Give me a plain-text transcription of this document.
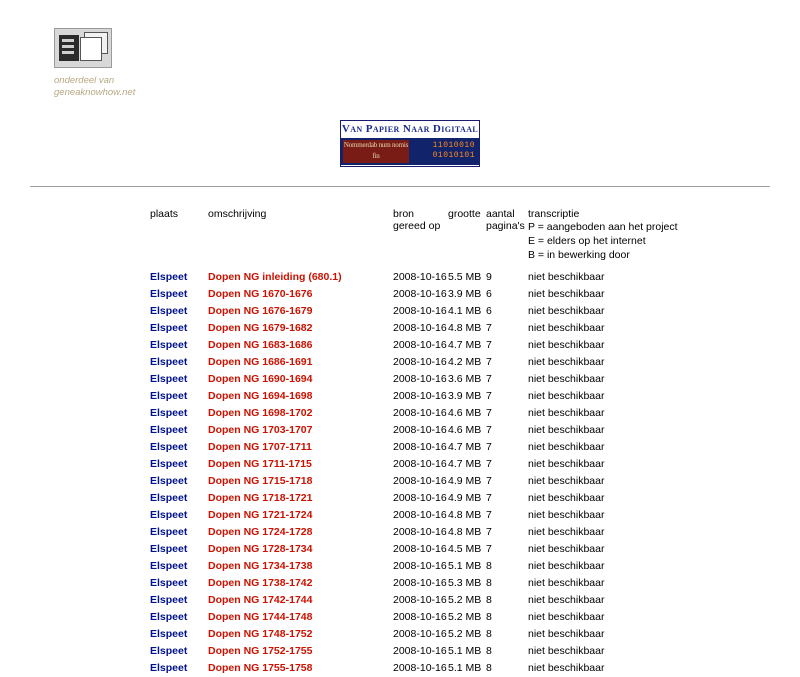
onderdeel van
geneaknowhow.net
Van Papier Naar Digitaal
Nommerdab num nomis fin
11010010
01010101
plaats	omschrijving	bron
gereed op
	grootte	aantal
pagina's

transcriptie
P = aangeboden aan het project
E = elders op het internet
B = in bewerking door

Elspeet	Dopen NG inleiding (680.1)	2008-10-16	5.5 MB	9	niet beschikbaar
Elspeet	Dopen NG 1670-1676	2008-10-16	3.9 MB	6	niet beschikbaar
Elspeet	Dopen NG 1676-1679	2008-10-16	4.1 MB	6	niet beschikbaar
Elspeet	Dopen NG 1679-1682	2008-10-16	4.8 MB	7	niet beschikbaar
Elspeet	Dopen NG 1683-1686	2008-10-16	4.7 MB	7	niet beschikbaar
Elspeet	Dopen NG 1686-1691	2008-10-16	4.2 MB	7	niet beschikbaar
Elspeet	Dopen NG 1690-1694	2008-10-16	3.6 MB	7	niet beschikbaar
Elspeet	Dopen NG 1694-1698	2008-10-16	3.9 MB	7	niet beschikbaar
Elspeet	Dopen NG 1698-1702	2008-10-16	4.6 MB	7	niet beschikbaar
Elspeet	Dopen NG 1703-1707	2008-10-16	4.6 MB	7	niet beschikbaar
Elspeet	Dopen NG 1707-1711	2008-10-16	4.7 MB	7	niet beschikbaar
Elspeet	Dopen NG 1711-1715	2008-10-16	4.7 MB	7	niet beschikbaar
Elspeet	Dopen NG 1715-1718	2008-10-16	4.9 MB	7	niet beschikbaar
Elspeet	Dopen NG 1718-1721	2008-10-16	4.9 MB	7	niet beschikbaar
Elspeet	Dopen NG 1721-1724	2008-10-16	4.8 MB	7	niet beschikbaar
Elspeet	Dopen NG 1724-1728	2008-10-16	4.8 MB	7	niet beschikbaar
Elspeet	Dopen NG 1728-1734	2008-10-16	4.5 MB	7	niet beschikbaar
Elspeet	Dopen NG 1734-1738	2008-10-16	5.1 MB	8	niet beschikbaar
Elspeet	Dopen NG 1738-1742	2008-10-16	5.3 MB	8	niet beschikbaar
Elspeet	Dopen NG 1742-1744	2008-10-16	5.2 MB	8	niet beschikbaar
Elspeet	Dopen NG 1744-1748	2008-10-16	5.2 MB	8	niet beschikbaar
Elspeet	Dopen NG 1748-1752	2008-10-16	5.2 MB	8	niet beschikbaar
Elspeet	Dopen NG 1752-1755	2008-10-16	5.1 MB	8	niet beschikbaar
Elspeet	Dopen NG 1755-1758	2008-10-16	5.1 MB	8	niet beschikbaar
